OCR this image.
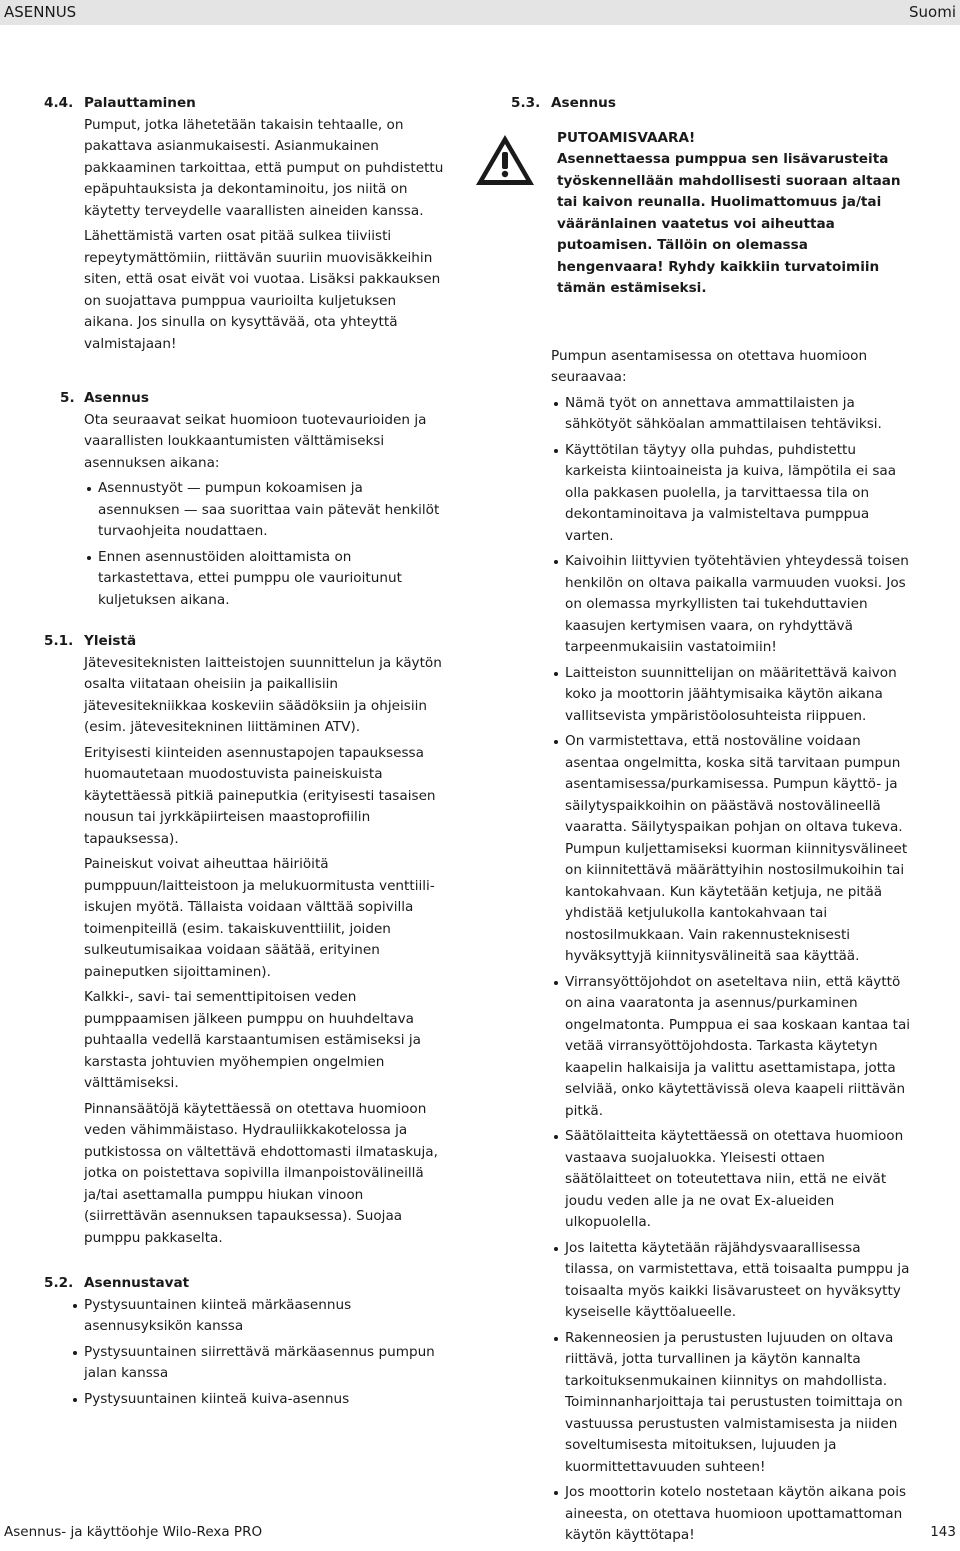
ASENNUS	Suomi
4.4. Palauttaminen

Pumput, jotka lähetetään takaisin tehtaalle, on pakattava asianmukaisesti. Asianmukainen pakkaaminen tarkoittaa, että pumput on puhdistettu epäpuhtauksista ja dekontaminoitu, jos niitä on käytetty terveydelle vaarallisten aineiden kanssa.

Lähettämistä varten osat pitää sulkea tiiviisti repeytymättömiin, riittävän suuriin muovisäkkeihin siten, että osat eivät voi vuotaa. Lisäksi pakkauksen on suojattava pumppua vaurioilta kuljetuksen aikana. Jos sinulla on kysyttävää, ota yhteyttä valmistajaan!

5. Asennus

Ota seuraavat seikat huomioon tuotevaurioiden ja vaarallisten loukkaantumisten välttämiseksi asennuksen aikana:

Asennustyöt — pumpun kokoamisen ja asennuksen — saa suorittaa vain pätevät henkilöt turvaohjeita noudattaen.
Ennen asennustöiden aloittamista on tarkastettava, ettei pumppu ole vaurioitunut kuljetuksen aikana.
5.1. Yleistä

Jätevesiteknisten laitteistojen suunnittelun ja käytön osalta viitataan oheisiin ja paikallisiin jätevesitekniikkaa koskeviin säädöksiin ja ohjeisiin (esim. jätevesitekninen liittäminen ATV).

Erityisesti kiinteiden asennustapojen tapauksessa huomautetaan muodostuvista paineiskuista käytettäessä pitkiä paineputkia (erityisesti tasaisen nousun tai jyrkkäpiirteisen maastoprofiilin tapauksessa).

Paineiskut voivat aiheuttaa häiriöitä pumppuun/laitteistoon ja melukuormitusta venttiili-iskujen myötä. Tällaista voidaan välttää sopivilla toimenpiteillä (esim. takaiskuventtiilit, joiden sulkeutumisaikaa voidaan säätää, erityinen paineputken sijoittaminen).

Kalkki-, savi- tai sementtipitoisen veden pumppaamisen jälkeen pumppu on huuhdeltava puhtaalla vedellä karstaantumisen estämiseksi ja karstasta johtuvien myöhempien ongelmien välttämiseksi.

Pinnansäätöjä käytettäessä on otettava huomioon veden vähimmäistaso. Hydrauliikkakotelossa ja putkistossa on vältettävä ehdottomasti ilmataskuja, jotka on poistettava sopivilla ilmanpoistovälineillä ja/tai asettamalla pumppu hiukan vinoon (siirrettävän asennuksen tapauksessa). Suojaa pumppu pakkaselta.

5.2. Asennustavat
Pystysuuntainen kiinteä märkäasennus asennusyksikön kanssa
Pystysuuntainen siirrettävä märkäasennus pumpun jalan kanssa
Pystysuuntainen kiinteä kuiva-asennus
5.3. Asennus
PUTOAMISVAARA!
Asennettaessa pumppua sen lisävarusteita työskennellään mahdollisesti suoraan altaan tai kaivon reunalla. Huolimattomuus ja/tai vääränlainen vaatetus voi aiheuttaa putoamisen. Tällöin on olemassa hengenvaara! Ryhdy kaikkiin turvatoimiin tämän estämiseksi.

Pumpun asentamisessa on otettava huomioon seuraavaa:

Nämä työt on annettava ammattilaisten ja sähkötyöt sähköalan ammattilaisen tehtäviksi.
Käyttötilan täytyy olla puhdas, puhdistettu karkeista kiintoaineista ja kuiva, lämpötila ei saa olla pakkasen puolella, ja tarvittaessa tila on dekontaminoitava ja valmisteltava pumppua varten.
Kaivoihin liittyvien työtehtävien yhteydessä toisen henkilön on oltava paikalla varmuuden vuoksi. Jos on olemassa myrkyllisten tai tukehduttavien kaasujen kertymisen vaara, on ryhdyttävä tarpeenmukaisiin vastatoimiin!
Laitteiston suunnittelijan on määritettävä kaivon koko ja moottorin jäähtymisaika käytön aikana vallitsevista ympäristöolosuhteista riippuen.
On varmistettava, että nostoväline voidaan asentaa ongelmitta, koska sitä tarvitaan pumpun asentamisessa/purkamisessa. Pumpun käyttö- ja säilytyspaikkoihin on päästävä nostovälineellä vaaratta. Säilytyspaikan pohjan on oltava tukeva. Pumpun kuljettamiseksi kuorman kiinnitysvälineet on kiinnitettävä määrättyihin nostosilmukoihin tai kantokahvaan. Kun käytetään ketjuja, ne pitää yhdistää ketjulukolla kantokahvaan tai nostosilmukkaan. Vain rakennusteknisesti hyväksyttyjä kiinnitysvälineitä saa käyttää.
Virransyöttöjohdot on aseteltava niin, että käyttö on aina vaaratonta ja asennus/purkaminen ongelmatonta. Pumppua ei saa koskaan kantaa tai vetää virransyöttöjohdosta. Tarkasta käytetyn kaapelin halkaisija ja valittu asettamistapa, jotta selviää, onko käytettävissä oleva kaapeli riittävän pitkä.
Säätölaitteita käytettäessä on otettava huomioon vastaava suojaluokka. Yleisesti ottaen säätölaitteet on toteutettava niin, että ne eivät joudu veden alle ja ne ovat Ex-alueiden ulkopuolella.
Jos laitetta käytetään räjähdysvaarallisessa tilassa, on varmistettava, että toisaalta pumppu ja toisaalta myös kaikki lisävarusteet on hyväksytty kyseiselle käyttöalueelle.
Rakenneosien ja perustusten lujuuden on oltava riittävä, jotta turvallinen ja käytön kannalta tarkoituksenmukainen kiinnitys on mahdollista. Toiminnanharjoittaja tai perustusten toimittaja on vastuussa perustusten valmistamisesta ja niiden soveltumisesta mitoituksen, lujuuden ja kuormittettavuuden suhteen!
Jos moottorin kotelo nostetaan käytön aikana pois aineesta, on otettava huomioon upottamattoman käytön käyttötapa!
Asennus- ja käyttöohje Wilo-Rexa PRO	143
